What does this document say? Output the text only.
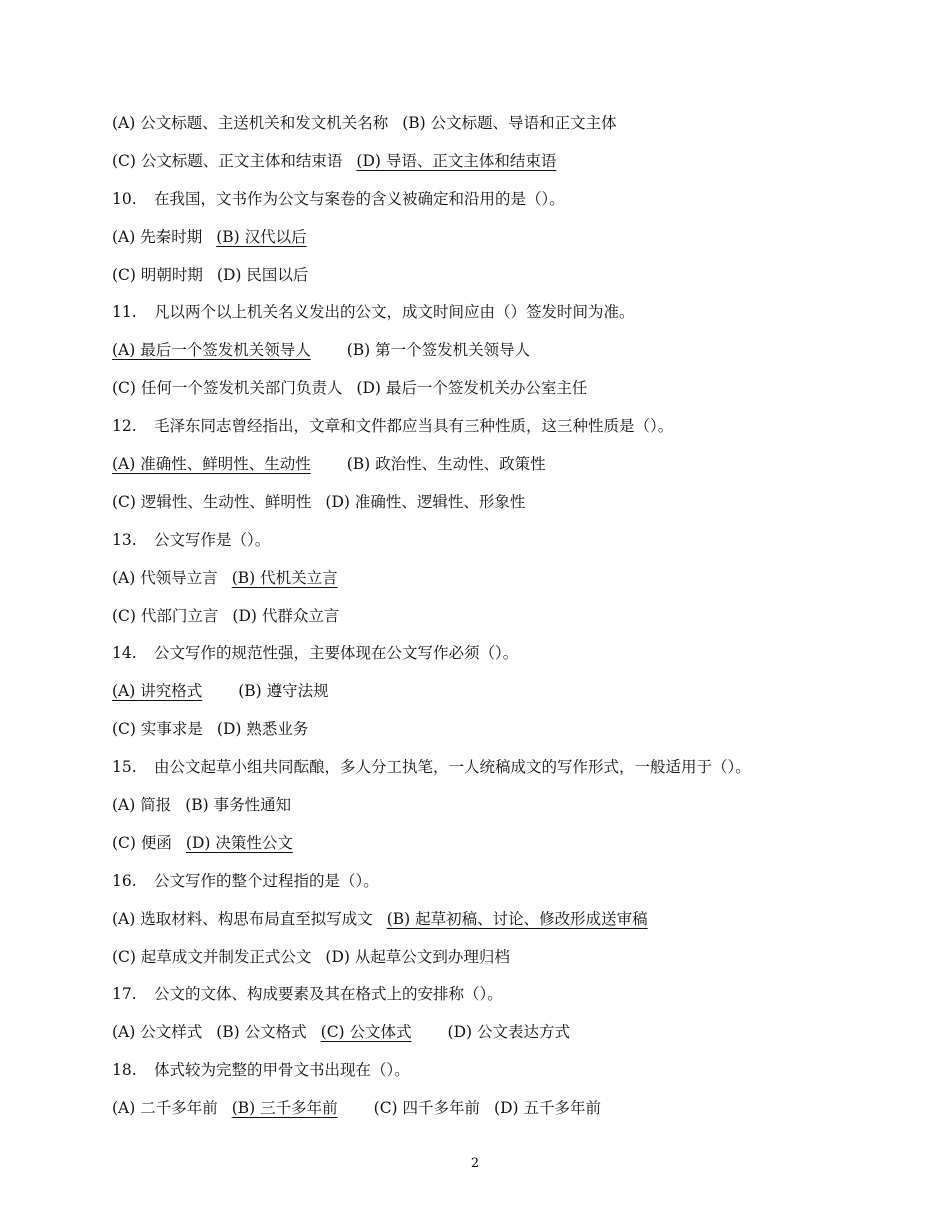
(A) 公文标题、主送机关和发文机关名称 (B) 公文标题、导语和正文主体
(C) 公文标题、正文主体和结束语 (D) 导语、正文主体和结束语
10. 在我国，文书作为公文与案卷的含义被确定和沿用的是（）。
(A) 先秦时期 (B) 汉代以后
(C) 明朝时期 (D) 民国以后
11. 凡以两个以上机关名义发出的公文，成文时间应由（）签发时间为准。
(A) 最后一个签发机关领导人 (B) 第一个签发机关领导人
(C) 任何一个签发机关部门负责人 (D) 最后一个签发机关办公室主任
12. 毛泽东同志曾经指出，文章和文件都应当具有三种性质，这三种性质是（）。
(A) 准确性、鲜明性、生动性 (B) 政治性、生动性、政策性
(C) 逻辑性、生动性、鲜明性 (D) 准确性、逻辑性、形象性
13. 公文写作是（）。
(A) 代领导立言 (B) 代机关立言
(C) 代部门立言 (D) 代群众立言
14. 公文写作的规范性强，主要体现在公文写作必须（）。
(A) 讲究格式 (B) 遵守法规
(C) 实事求是 (D) 熟悉业务
15. 由公文起草小组共同酝酿，多人分工执笔，一人统稿成文的写作形式，一般适用于（）。
(A) 简报 (B) 事务性通知
(C) 便函 (D) 决策性公文
16. 公文写作的整个过程指的是（）。
(A) 选取材料、构思布局直至拟写成文 (B) 起草初稿、讨论、修改形成送审稿
(C) 起草成文并制发正式公文 (D) 从起草公文到办理归档
17. 公文的文体、构成要素及其在格式上的安排称（）。
(A) 公文样式 (B) 公文格式 (C) 公文体式 (D) 公文表达方式
18. 体式较为完整的甲骨文书出现在（）。
(A) 二千多年前 (B) 三千多年前 (C) 四千多年前 (D) 五千多年前
2
